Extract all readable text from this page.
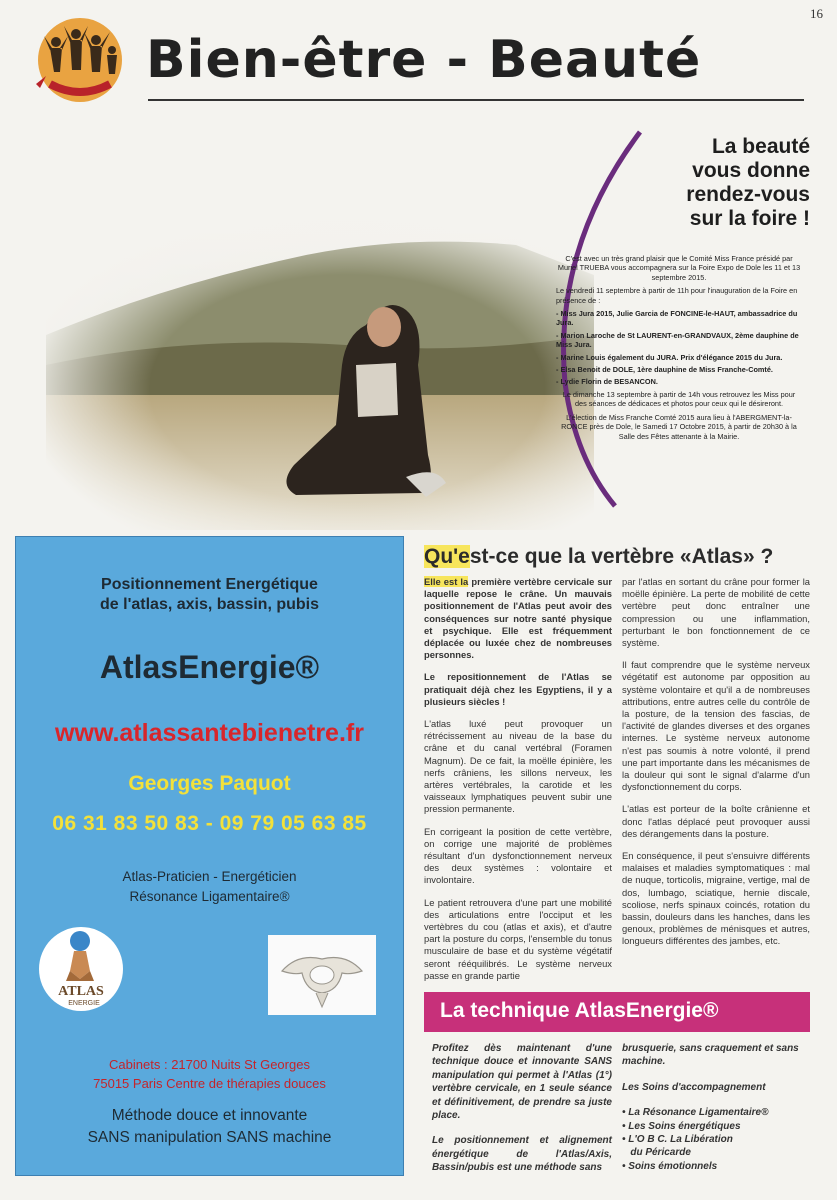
16
Bien-être - Beauté
La beauté
vous donne
rendez-vous
sur la foire !

C'est avec un très grand plaisir que le Comité Miss France présidé par Muriel TRUEBA vous accompagnera sur la Foire Expo de Dole les 11 et 13 septembre 2015.

Le vendredi 11 septembre à partir de 11h pour l'inauguration de la Foire en présence de :

- Miss Jura 2015, Julie Garcia de FONCINE-le-HAUT, ambassadrice du Jura.
- Marion Laroche de St LAURENT-en-GRANDVAUX, 2ème dauphine de Miss Jura.
- Marine Louis également du JURA. Prix d'élégance 2015 du Jura.
- Elsa Benoit de DOLE, 1ère dauphine de Miss Franche-Comté.
- Lydie Florin de BESANCON.

Le dimanche 13 septembre à partir de 14h vous retrouvez les Miss pour des séances de dédicaces et photos pour ceux qui le désireront.

L'élection de Miss Franche Comté 2015 aura lieu à l'ABERGMENT-la-RONCE près de Dole, le Samedi 17 Octobre 2015, à partir de 20h30 à la Salle des Fêtes attenante à la Mairie.

Positionnement Energétique
de l'atlas, axis, bassin, pubis
AtlasEnergie®
www.atlassantebienetre.fr
Georges Paquot
06 31 83 50 83 - 09 79 05 63 85
Atlas-Praticien - Energéticien
Résonance Ligamentaire®
ATLAS
ENERGIE
Cabinets : 21700 Nuits St Georges
75015 Paris Centre de thérapies douces
Méthode douce et innovante
SANS manipulation SANS machine
Qu'est-ce que la vertèbre «Atlas» ?

Elle est la première vertèbre cervicale sur laquelle repose le crâne. Un mauvais positionnement de l'Atlas peut avoir des conséquences sur notre santé physique et psychique. Elle est fréquemment déplacée ou luxée chez de nombreuses personnes.

Le repositionnement de l'Atlas se pratiquait déjà chez les Egyptiens, il y a plusieurs siècles !

L'atlas luxé peut provoquer un rétrécissement au niveau de la base du crâne et du canal vertébral (Foramen Magnum). De ce fait, la moëlle épinière, les nerfs crâniens, les sillons nerveux, les artères vertébrales, la carotide et les vaisseaux lymphatiques peuvent subir une pression permanente.

En corrigeant la position de cette vertèbre, on corrige une majorité de problèmes résultant d'un dysfonctionnement nerveux des deux systèmes : volontaire et involontaire.

Le patient retrouvera d'une part une mobilité des articulations entre l'occiput et les vertèbres du cou (atlas et axis), et d'autre part la posture du corps, l'ensemble du tonus musculaire de base et du système végétatif seront rééquilibrés. Le système nerveux passe en grande partie

par l'atlas en sortant du crâne pour former la moëlle épinière. La perte de mobilité de cette vertèbre peut donc entraîner une compression ou une inflammation, perturbant le bon fonctionnement de ce système.

Il faut comprendre que le système nerveux végétatif est autonome par opposition au système volontaire et qu'il a de nombreuses attributions, entre autres celle du contrôle de la posture, de la tension des fascias, de l'activité de glandes diverses et des organes internes. Le système nerveux autonome n'est pas soumis à notre volonté, il prend une part importante dans les mécanismes de la douleur qui sont le signal d'alarme d'un dysfonctionnement du corps.

L'atlas est porteur de la boîte crânienne et donc l'atlas déplacé peut provoquer aussi des dérangements dans la posture.

En conséquence, il peut s'ensuivre différents malaises et maladies symptomatiques : mal de nuque, torticolis, migraine, vertige, mal de dos, lumbago, sciatique, hernie discale, scoliose, nerfs spinaux coincés, rotation du bassin, douleurs dans les hanches, dans les genoux, problèmes de ménisques et autres, longueurs différentes des jambes, etc.

La technique AtlasEnergie®

Profitez dès maintenant d'une technique douce et innovante SANS manipulation qui permet à l'Atlas (1°) vertèbre cervicale, en 1 seule séance et définitivement, de prendre sa juste place.

Le positionnement et alignement énergétique de l'Atlas/Axis, Bassin/pubis est une méthode sans

brusquerie, sans craquement et sans machine.

Les Soins d'accompagnement

• La Résonance Ligamentaire®
• Les Soins énergétiques
• L'O B C. La Libération
du Péricarde
• Soins émotionnels
